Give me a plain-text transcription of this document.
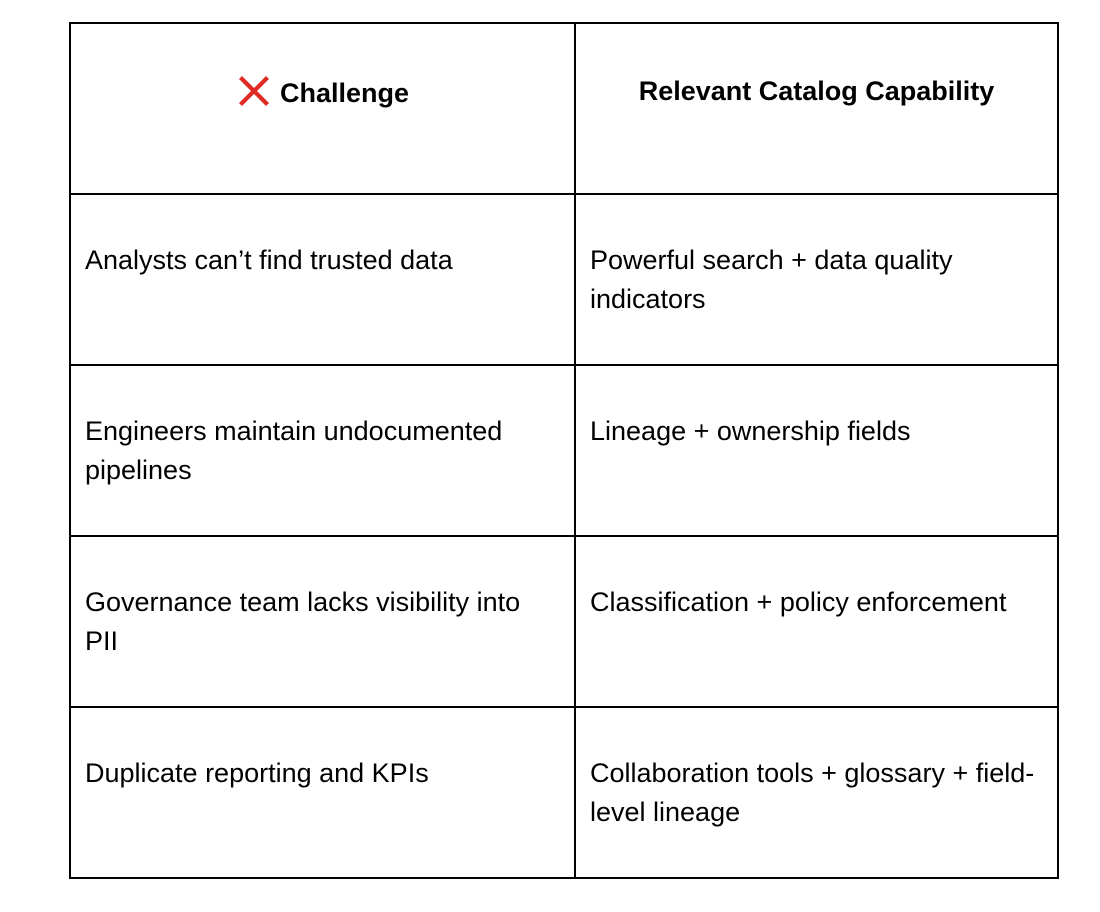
Challenge	Relevant Catalog Capability
Analysts can’t find trusted data	Powerful search + data quality indicators
Engineers maintain undocumented pipelines	Lineage + ownership fields
Governance team lacks visibility into PII	Classification + policy enforcement
Duplicate reporting and KPIs	Collaboration tools + glossary + field-level lineage
